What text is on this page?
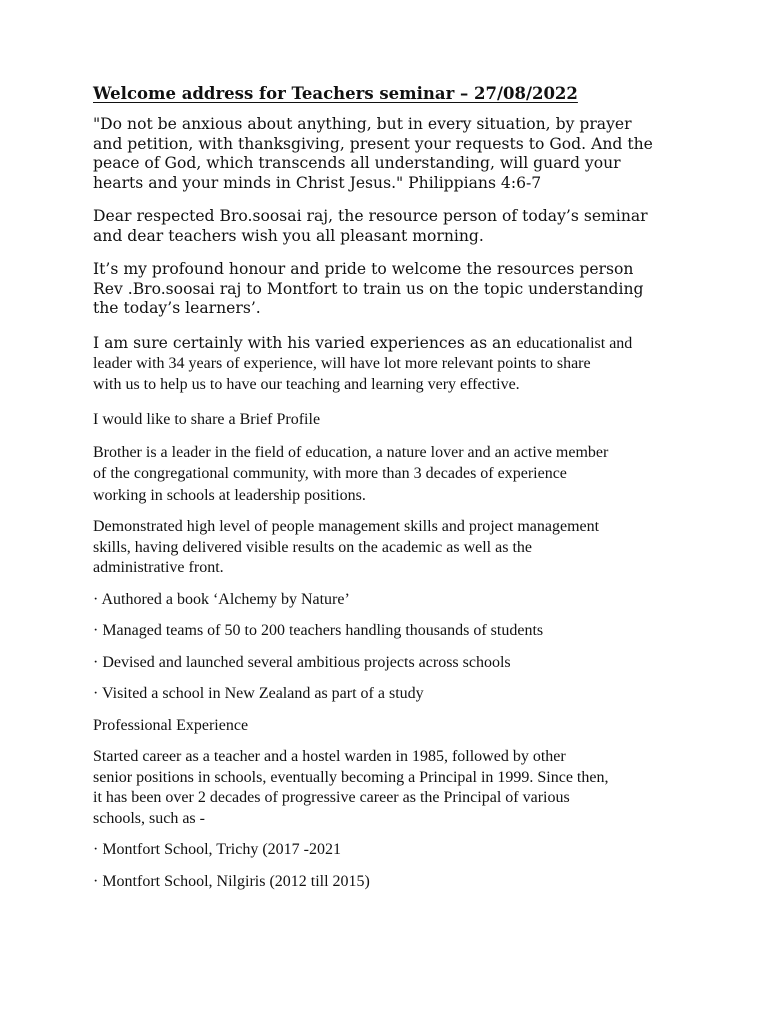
Welcome address for Teachers seminar – 27/08/2022

"Do not be anxious about anything, but in every situation, by prayer
and petition, with thanksgiving, present your requests to God. And the
peace of God, which transcends all understanding, will guard your
hearts and your minds in Christ Jesus." Philippians 4:6-7

Dear respected Bro.soosai raj, the resource person of today’s seminar
and dear teachers wish you all pleasant morning.

It’s my profound honour and pride to welcome the resources person
Rev .Bro.soosai raj to Montfort to train us on the topic understanding
the today’s learners’.

I am sure certainly with his varied experiences as an educationalist and
leader with 34 years of experience, will have lot more relevant points to share
with us to help us to have our teaching and learning very effective.

I would like to share a Brief Profile

Brother is a leader in the field of education, a nature lover and an active member
of the congregational community, with more than 3 decades of experience
working in schools at leadership positions.

Demonstrated high level of people management skills and project management
skills, having delivered visible results on the academic as well as the
administrative front.

· Authored a book ‘Alchemy by Nature’

· Managed teams of 50 to 200 teachers handling thousands of students

· Devised and launched several ambitious projects across schools

· Visited a school in New Zealand as part of a study

Professional Experience

Started career as a teacher and a hostel warden in 1985, followed by other
senior positions in schools, eventually becoming a Principal in 1999. Since then,
it has been over 2 decades of progressive career as the Principal of various
schools, such as -

· Montfort School, Trichy (2017 -2021

· Montfort School, Nilgiris (2012 till 2015)
